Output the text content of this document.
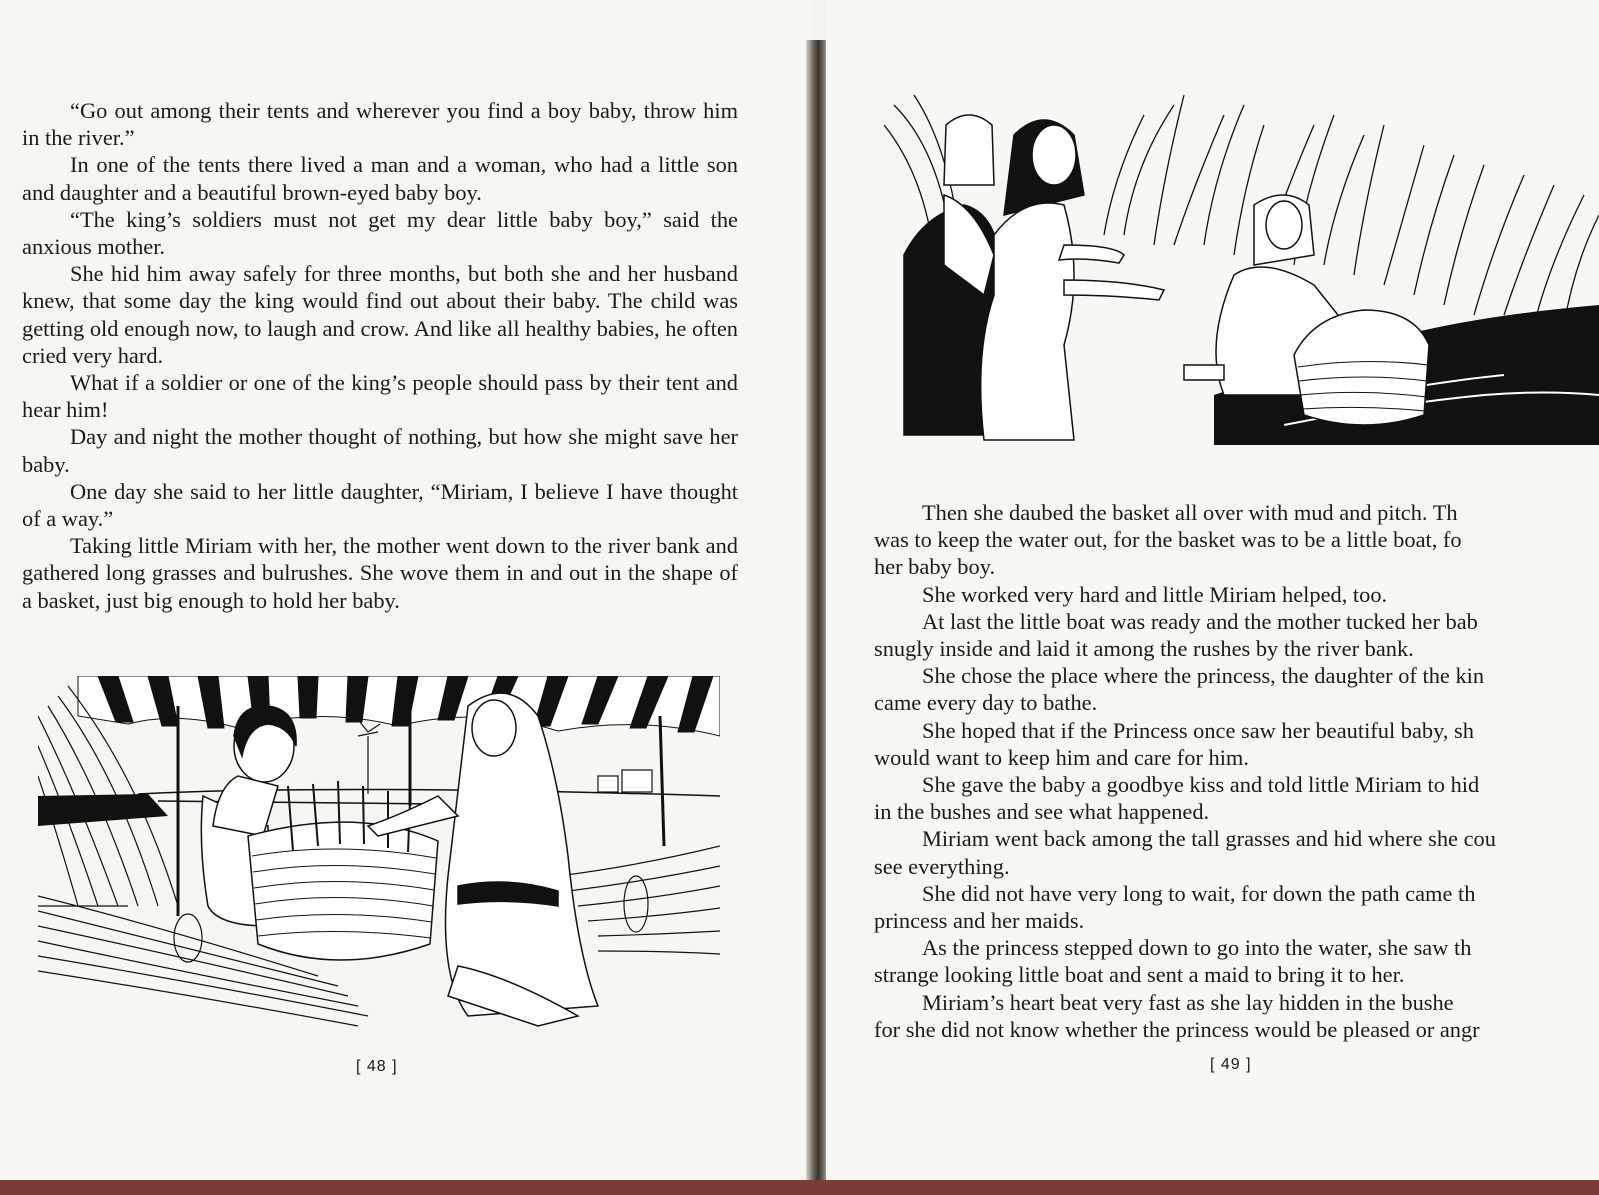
“Go out among their tents and wherever you find a boy baby, throw him in the river.”

In one of the tents there lived a man and a woman, who had a little son and daughter and a beautiful brown-eyed baby boy.

“The king’s soldiers must not get my dear little baby boy,” said the anxious mother.

She hid him away safely for three months, but both she and her husband knew, that some day the king would find out about their baby. The child was getting old enough now, to laugh and crow. And like all healthy babies, he often cried very hard.

What if a soldier or one of the king’s people should pass by their tent and hear him!

Day and night the mother thought of nothing, but how she might save her baby.

One day she said to her little daughter, “Miriam, I believe I have thought of a way.”

Taking little Miriam with her, the mother went down to the river bank and gathered long grasses and bulrushes. She wove them in and out in the shape of a basket, just big enough to hold her baby.

[ 48 ]	[ 49 ]

Then she daubed the basket all over with mud and pitch. Th
was to keep the water out, for the basket was to be a little boat, fo
her baby boy.
She worked very hard and little Miriam helped, too.
At last the little boat was ready and the mother tucked her bab
snugly inside and laid it among the rushes by the river bank.
She chose the place where the princess, the daughter of the kin
came every day to bathe.
She hoped that if the Princess once saw her beautiful baby, sh
would want to keep him and care for him.
She gave the baby a goodbye kiss and told little Miriam to hid
in the bushes and see what happened.
Miriam went back among the tall grasses and hid where she cou
see everything.
She did not have very long to wait, for down the path came th
princess and her maids.
As the princess stepped down to go into the water, she saw th
strange looking little boat and sent a maid to bring it to her.
Miriam’s heart beat very fast as she lay hidden in the bushe
for she did not know whether the princess would be pleased or angr
